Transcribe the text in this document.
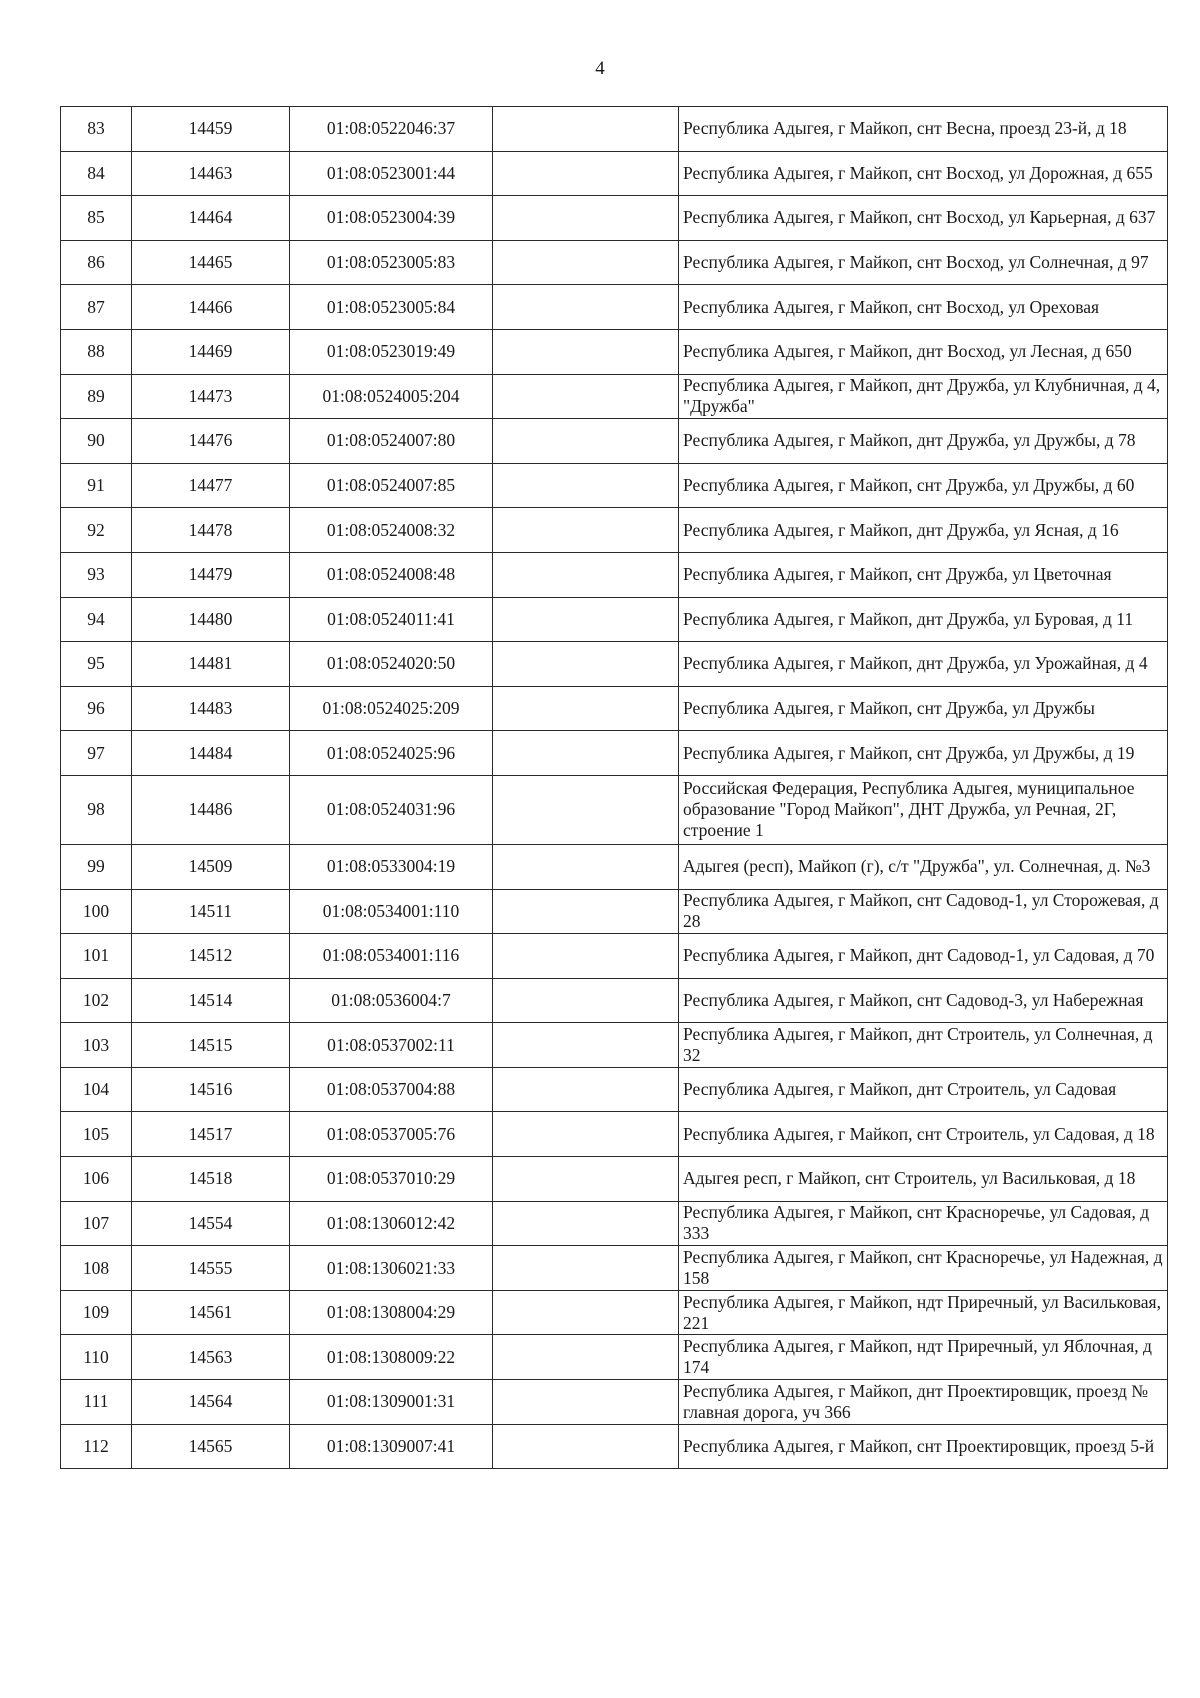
4
83	14459	01:08:0522046:37		Республика Адыгея, г Майкоп, снт Весна, проезд 23-й, д 18
84	14463	01:08:0523001:44		Республика Адыгея, г Майкоп, снт Восход, ул Дорожная, д 655
85	14464	01:08:0523004:39		Республика Адыгея, г Майкоп, снт Восход, ул Карьерная, д 637
86	14465	01:08:0523005:83		Республика Адыгея, г Майкоп, снт Восход, ул Солнечная, д 97
87	14466	01:08:0523005:84		Республика Адыгея, г Майкоп, снт Восход, ул Ореховая
88	14469	01:08:0523019:49		Республика Адыгея, г Майкоп, днт Восход, ул Лесная, д 650
89	14473	01:08:0524005:204		Республика Адыгея, г Майкоп, днт Дружба, ул Клубничная, д 4, "Дружба"
90	14476	01:08:0524007:80		Республика Адыгея, г Майкоп, днт Дружба, ул Дружбы, д 78
91	14477	01:08:0524007:85		Республика Адыгея, г Майкоп, снт Дружба, ул Дружбы, д 60
92	14478	01:08:0524008:32		Республика Адыгея, г Майкоп, днт Дружба, ул Ясная, д 16
93	14479	01:08:0524008:48		Республика Адыгея, г Майкоп, снт Дружба, ул Цветочная
94	14480	01:08:0524011:41		Республика Адыгея, г Майкоп, днт Дружба, ул Буровая, д 11
95	14481	01:08:0524020:50		Республика Адыгея, г Майкоп, днт Дружба, ул Урожайная, д 4
96	14483	01:08:0524025:209		Республика Адыгея, г Майкоп, снт Дружба, ул Дружбы
97	14484	01:08:0524025:96		Республика Адыгея, г Майкоп, снт Дружба, ул Дружбы, д 19
98	14486	01:08:0524031:96		Российская Федерация, Республика Адыгея, муниципальное образование "Город Майкоп", ДНТ Дружба, ул Речная, 2Г, строение 1
99	14509	01:08:0533004:19		Адыгея (респ), Майкоп (г), с/т "Дружба", ул. Солнечная, д. №3
100	14511	01:08:0534001:110		Республика Адыгея, г Майкоп, снт Садовод-1, ул Сторожевая, д 28
101	14512	01:08:0534001:116		Республика Адыгея, г Майкоп, днт Садовод-1, ул Садовая, д 70
102	14514	01:08:0536004:7		Республика Адыгея, г Майкоп, снт Садовод-3, ул Набережная
103	14515	01:08:0537002:11		Республика Адыгея, г Майкоп, днт Строитель, ул Солнечная, д 32
104	14516	01:08:0537004:88		Республика Адыгея, г Майкоп, днт Строитель, ул Садовая
105	14517	01:08:0537005:76		Республика Адыгея, г Майкоп, снт Строитель, ул Садовая, д 18
106	14518	01:08:0537010:29		Адыгея респ, г Майкоп, снт Строитель, ул Васильковая, д 18
107	14554	01:08:1306012:42		Республика Адыгея, г Майкоп, снт Красноречье, ул Садовая, д 333
108	14555	01:08:1306021:33		Республика Адыгея, г Майкоп, снт Красноречье, ул Надежная, д 158
109	14561	01:08:1308004:29		Республика Адыгея, г Майкоп, ндт Приречный, ул Васильковая, 221
110	14563	01:08:1308009:22		Республика Адыгея, г Майкоп, ндт Приречный, ул Яблочная, д 174
111	14564	01:08:1309001:31		Республика Адыгея, г Майкоп, днт Проектировщик, проезд № главная дорога, уч 366
112	14565	01:08:1309007:41		Республика Адыгея, г Майкоп, снт Проектировщик, проезд 5-й
